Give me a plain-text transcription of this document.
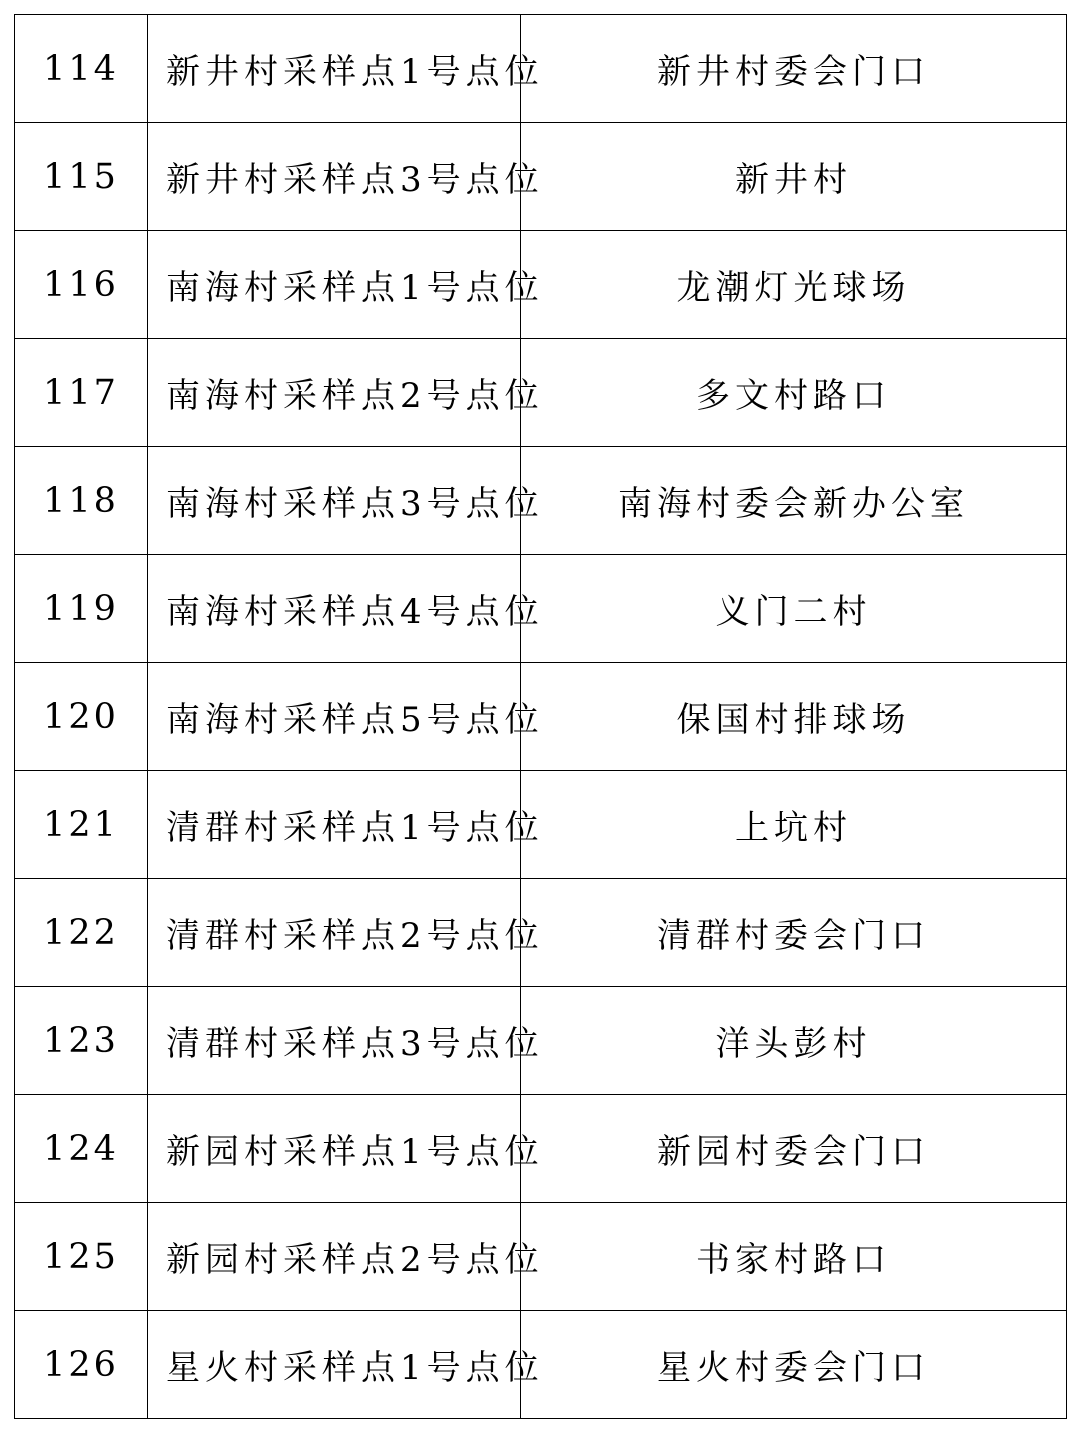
114	新井村采样点1号点位	新井村委会门口
115	新井村采样点3号点位	新井村
116	南海村采样点1号点位	龙潮灯光球场
117	南海村采样点2号点位	多文村路口
118	南海村采样点3号点位	南海村委会新办公室
119	南海村采样点4号点位	义门二村
120	南海村采样点5号点位	保国村排球场
121	清群村采样点1号点位	上坑村
122	清群村采样点2号点位	清群村委会门口
123	清群村采样点3号点位	洋头彭村
124	新园村采样点1号点位	新园村委会门口
125	新园村采样点2号点位	书家村路口
126	星火村采样点1号点位	星火村委会门口
